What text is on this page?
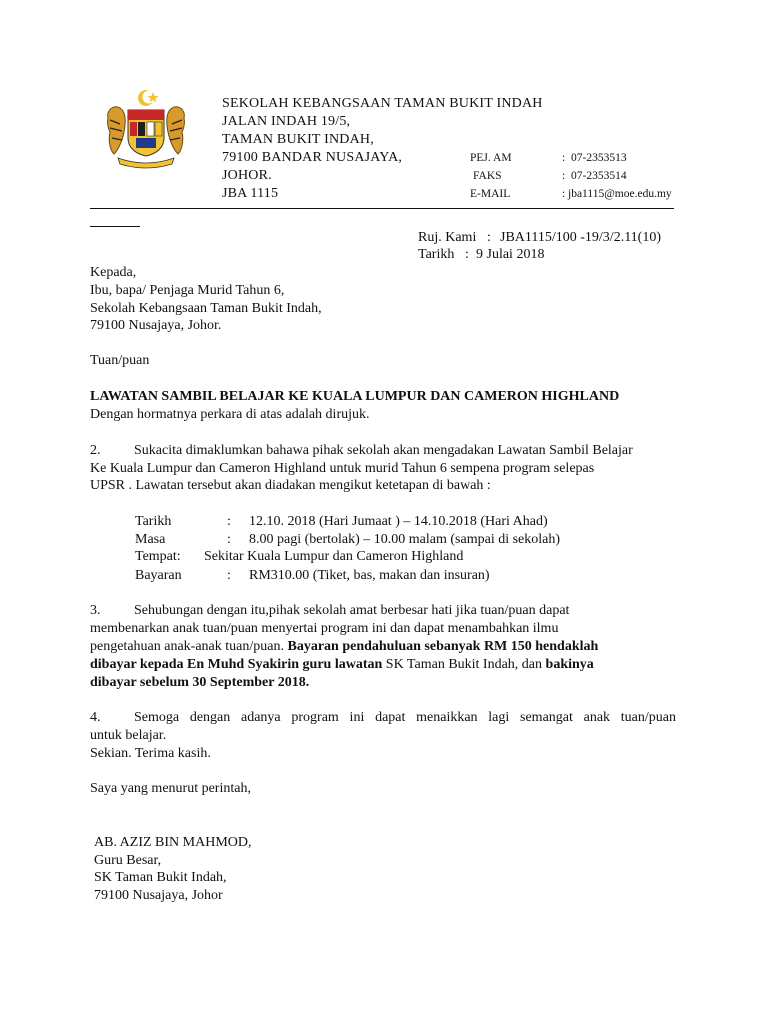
SEKOLAH KEBANGSAAN TAMAN BUKIT INDAH
JALAN INDAH 19/5,
TAMAN BUKIT INDAH,
79100 BANDAR NUSAJAYA,
JOHOR.
JBA 1115
PEJ. AM	: 07-2353513
FAKS	: 07-2353514
E-MAIL	: jba1115@moe.edu.my
Ruj. Kami : JBA1115/100 -19/3/2.11(10)
Tarikh : 9 Julai 2018
Kepada,
Ibu, bapa/ Penjaga Murid Tahun 6,
Sekolah Kebangsaan Taman Bukit Indah,
79100 Nusajaya, Johor.
Tuan/puan
LAWATAN SAMBIL BELAJAR KE KUALA LUMPUR DAN CAMERON HIGHLAND
Dengan hormatnya perkara di atas adalah dirujuk.
2. Sukacita dimaklumkan bahawa pihak sekolah akan mengadakan Lawatan Sambil Belajar
Ke Kuala Lumpur dan Cameron Highland untuk murid Tahun 6 sempena program selepas
UPSR . Lawatan tersebut akan diadakan mengikut ketetapan di bawah :
Tarikh	: 12.10. 2018 (Hari Jumaat ) – 14.10.2018 (Hari Ahad)
Masa	: 8.00 pagi (bertolak) – 10.00 malam (sampai di sekolah)
Tempat: Sekitar Kuala Lumpur dan Cameron Highland
Bayaran	: RM310.00 (Tiket, bas, makan dan insuran)
3. Sehubungan dengan itu,pihak sekolah amat berbesar hati jika tuan/puan dapat
membenarkan anak tuan/puan menyertai program ini dan dapat menambahkan ilmu
pengetahuan anak-anak tuan/puan. Bayaran pendahuluan sebanyak RM 150 hendaklah
dibayar kepada En Muhd Syakirin guru lawatan SK Taman Bukit Indah, dan bakinya
dibayar sebelum 30 September 2018.
4. Semoga dengan adanya program ini dapat menaikkan lagi semangat anak tuan/puan
untuk belajar.
Sekian. Terima kasih.
Saya yang menurut perintah,
AB. AZIZ BIN MAHMOD,
Guru Besar,
SK Taman Bukit Indah,
79100 Nusajaya, Johor
